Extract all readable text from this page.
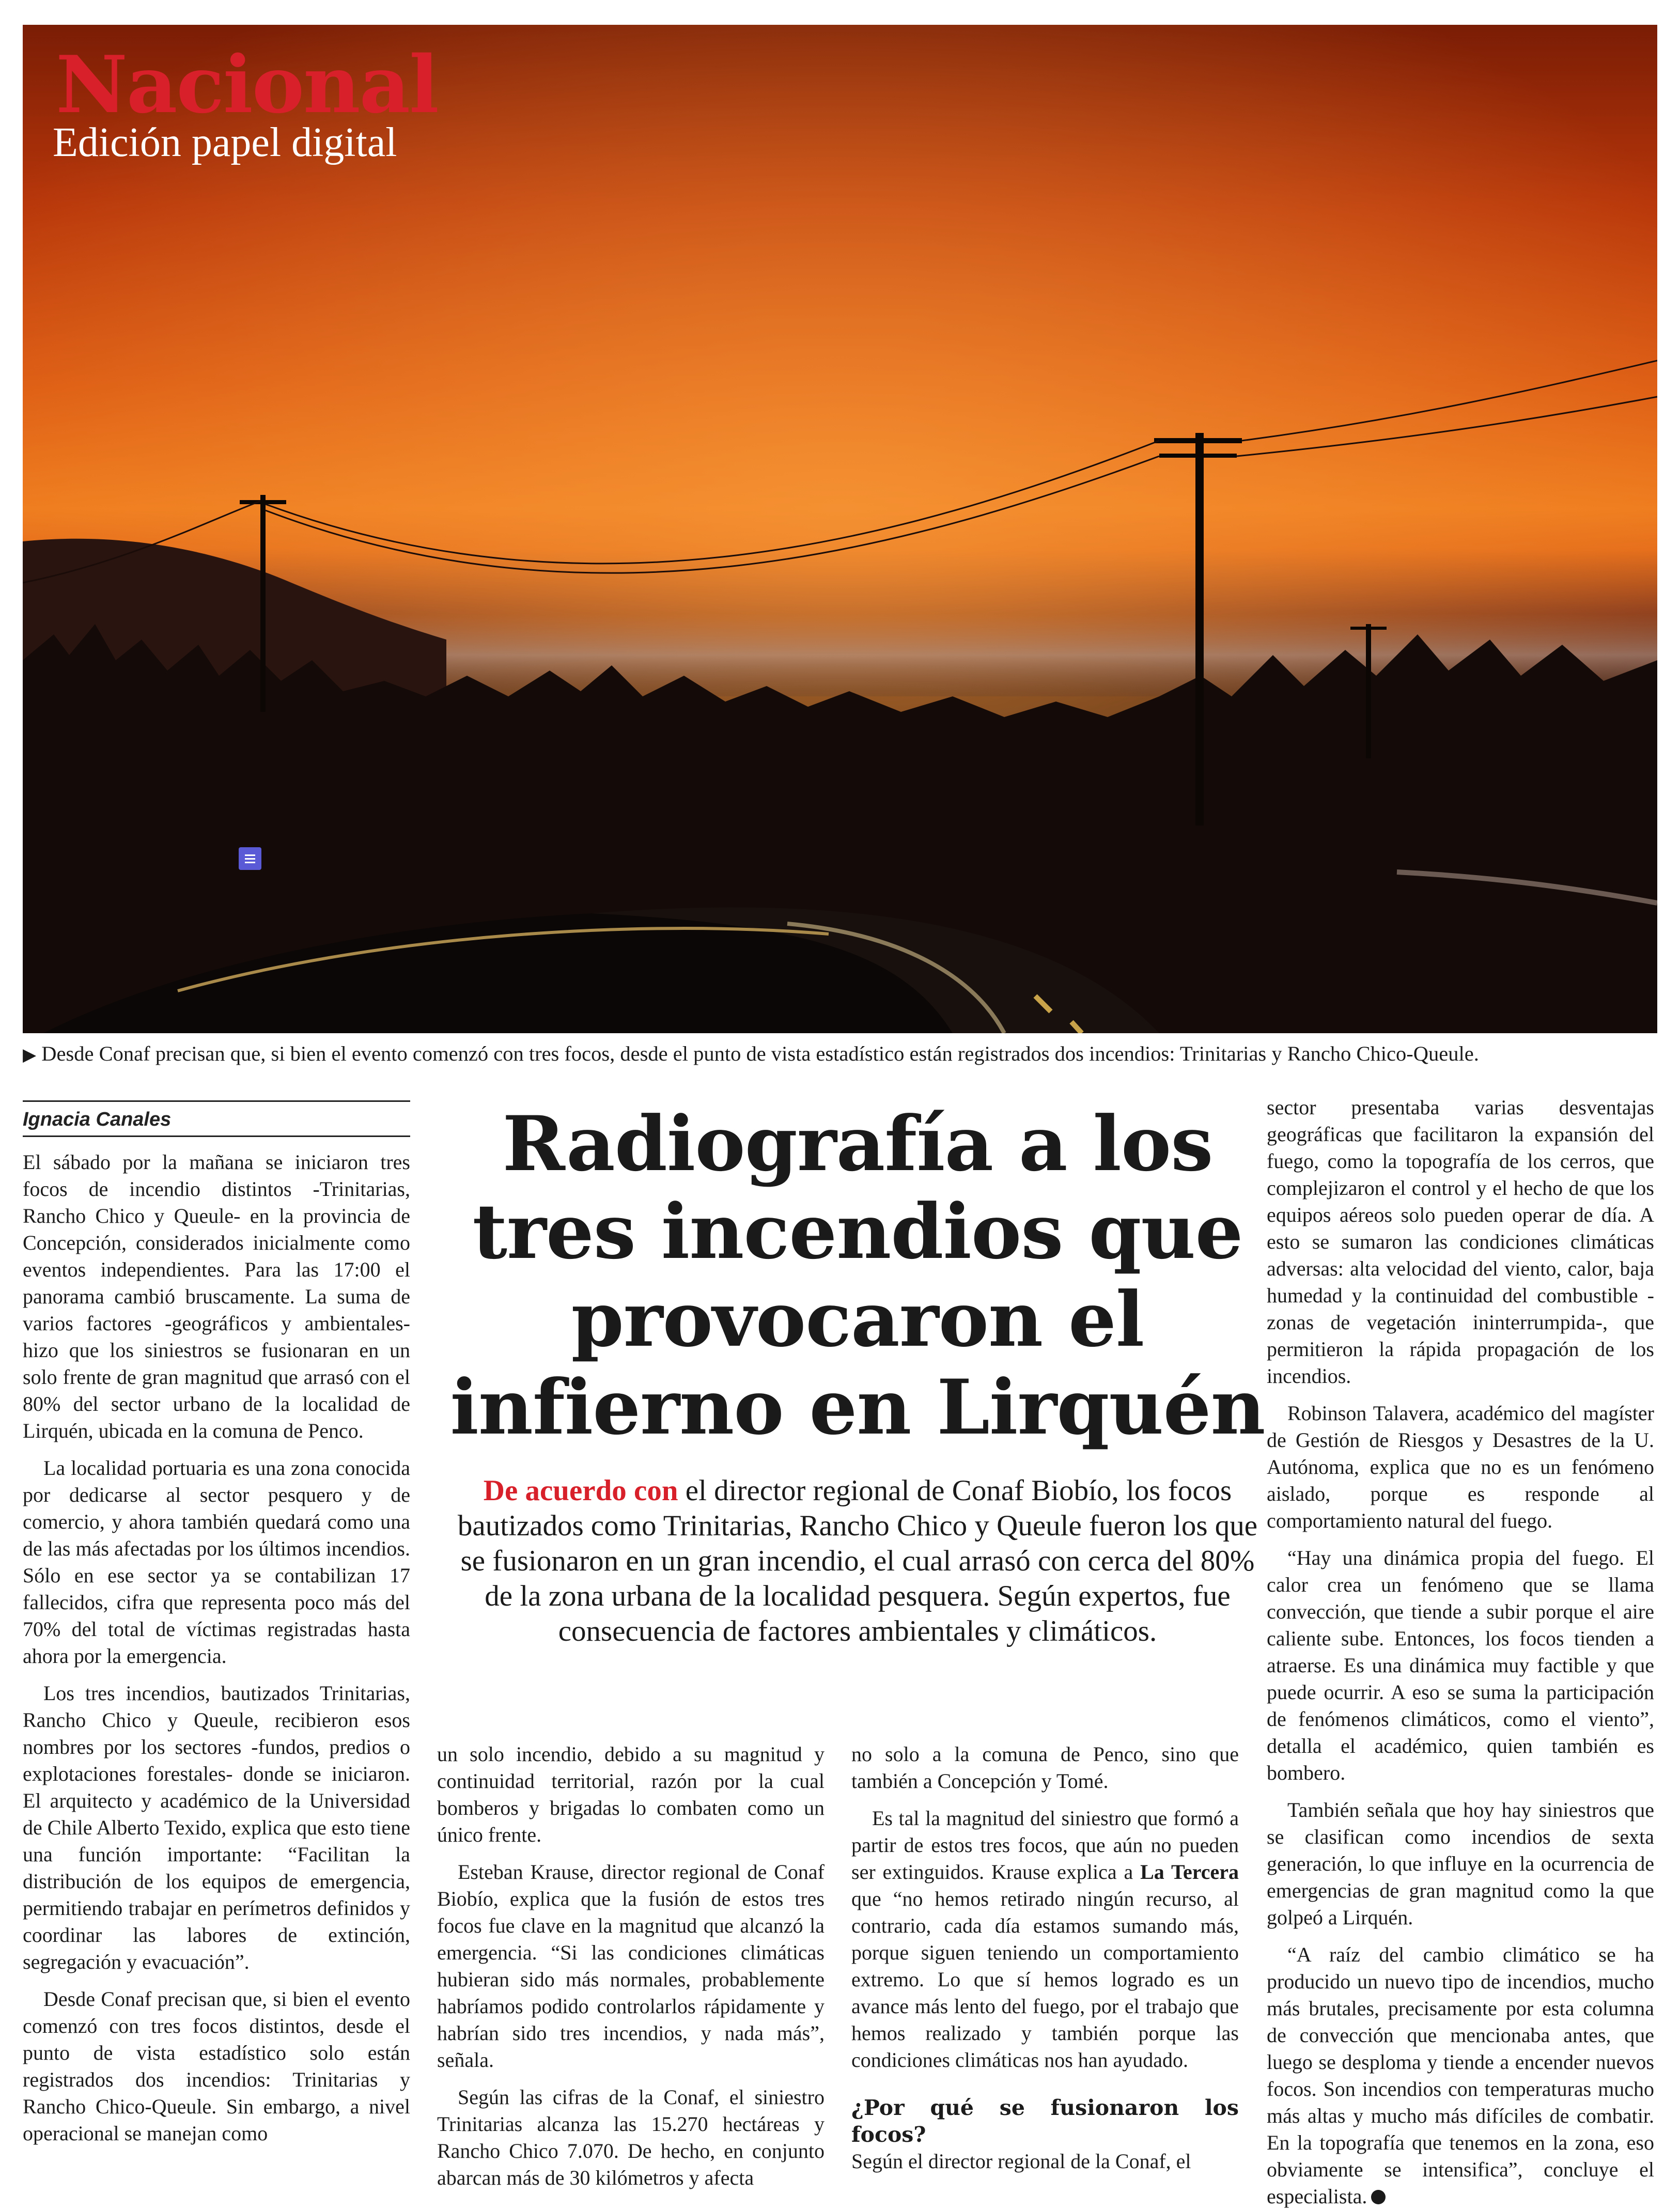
Nacional
Edición papel digital
▶ Desde Conaf precisan que, si bien el evento comenzó con tres focos, desde el punto de vista estadístico están registrados dos incendios: Trinitarias y Rancho Chico-Queule.
Ignacia Canales	Radiografía a los tres incendios que provocaron el infierno en Lirquén
De acuerdo con el director regional de Conaf Biobío, los focos bautizados como Trinitarias, Rancho Chico y Queule fueron los que se fusionaron en un gran incendio, el cual arrasó con cerca del 80% de la zona urbana de la localidad pesquera. Según expertos, fue consecuencia de factores ambientales y climáticos.

El sábado por la mañana se iniciaron tres focos de incendio distintos -Trinitarias, Rancho Chico y Queule- en la provincia de Concepción, considerados inicialmente como eventos independientes. Para las 17:00 el panorama cambió bruscamente. La suma de varios factores -geográficos y ambientales- hizo que los siniestros se fusionaran en un solo frente de gran magnitud que arrasó con el 80% del sector urbano de la localidad de Lirquén, ubicada en la comuna de Penco.

La localidad portuaria es una zona conocida por dedicarse al sector pesquero y de comercio, y ahora también quedará como una de las más afectadas por los últimos incendios. Sólo en ese sector ya se contabilizan 17 fallecidos, cifra que representa poco más del 70% del total de víctimas registradas hasta ahora por la emergencia.

Los tres incendios, bautizados Trinitarias, Rancho Chico y Queule, recibieron esos nombres por los sectores -fundos, predios o explotaciones forestales- donde se iniciaron. El arquitecto y académico de la Universidad de Chile Alberto Texido, explica que esto tiene una función importante: “Facilitan la distribución de los equipos de emergencia, permitiendo trabajar en perímetros definidos y coordinar las labores de extinción, segregación y evacuación”.

Desde Conaf precisan que, si bien el evento comenzó con tres focos distintos, desde el punto de vista estadístico solo están registrados dos incendios: Trinitarias y Rancho Chico-Queule. Sin embargo, a nivel operacional se manejan como

un solo incendio, debido a su magnitud y continuidad territorial, razón por la cual bomberos y brigadas lo combaten como un único frente.

Esteban Krause, director regional de Conaf Biobío, explica que la fusión de estos tres focos fue clave en la magnitud que alcanzó la emergencia. “Si las condiciones climáticas hubieran sido más normales, probablemente habríamos podido controlarlos rápidamente y habrían sido tres incendios, y nada más”, señala.

Según las cifras de la Conaf, el siniestro Trinitarias alcanza las 15.270 hectáreas y Rancho Chico 7.070. De hecho, en conjunto abarcan más de 30 kilómetros y afecta

no solo a la comuna de Penco, sino que también a Concepción y Tomé.

Es tal la magnitud del siniestro que formó a partir de estos tres focos, que aún no pueden ser extinguidos. Krause explica a La Tercera que “no hemos retirado ningún recurso, al contrario, cada día estamos sumando más, porque siguen teniendo un comportamiento extremo. Lo que sí hemos logrado es un avance más lento del fuego, por el trabajo que hemos realizado y también porque las condiciones climáticas nos han ayudado.

¿Por qué se fusionaron los focos?

Según el director regional de la Conaf, el

sector presentaba varias desventajas geográficas que facilitaron la expansión del fuego, como la topografía de los cerros, que complejizaron el control y el hecho de que los equipos aéreos solo pueden operar de día. A esto se sumaron las condiciones climáticas adversas: alta velocidad del viento, calor, baja humedad y la continuidad del combustible -zonas de vegetación ininterrumpida-, que permitieron la rápida propagación de los incendios.

Robinson Talavera, académico del magíster de Gestión de Riesgos y Desastres de la U. Autónoma, explica que no es un fenómeno aislado, porque es responde al comportamiento natural del fuego.

“Hay una dinámica propia del fuego. El calor crea un fenómeno que se llama convección, que tiende a subir porque el aire caliente sube. Entonces, los focos tienden a atraerse. Es una dinámica muy factible y que puede ocurrir. A eso se suma la participación de fenómenos climáticos, como el viento”, detalla el académico, quien también es bombero.

También señala que hoy hay siniestros que se clasifican como incendios de sexta generación, lo que influye en la ocurrencia de emergencias de gran magnitud como la que golpeó a Lirquén.

“A raíz del cambio climático se ha producido un nuevo tipo de incendios, mucho más brutales, precisamente por esta columna de convección que mencionaba antes, que luego se desploma y tiende a encender nuevos focos. Son incendios con temperaturas mucho más altas y mucho más difíciles de combatir. En la topografía que tenemos en la zona, eso obviamente se intensifica”, concluye el especialista.
